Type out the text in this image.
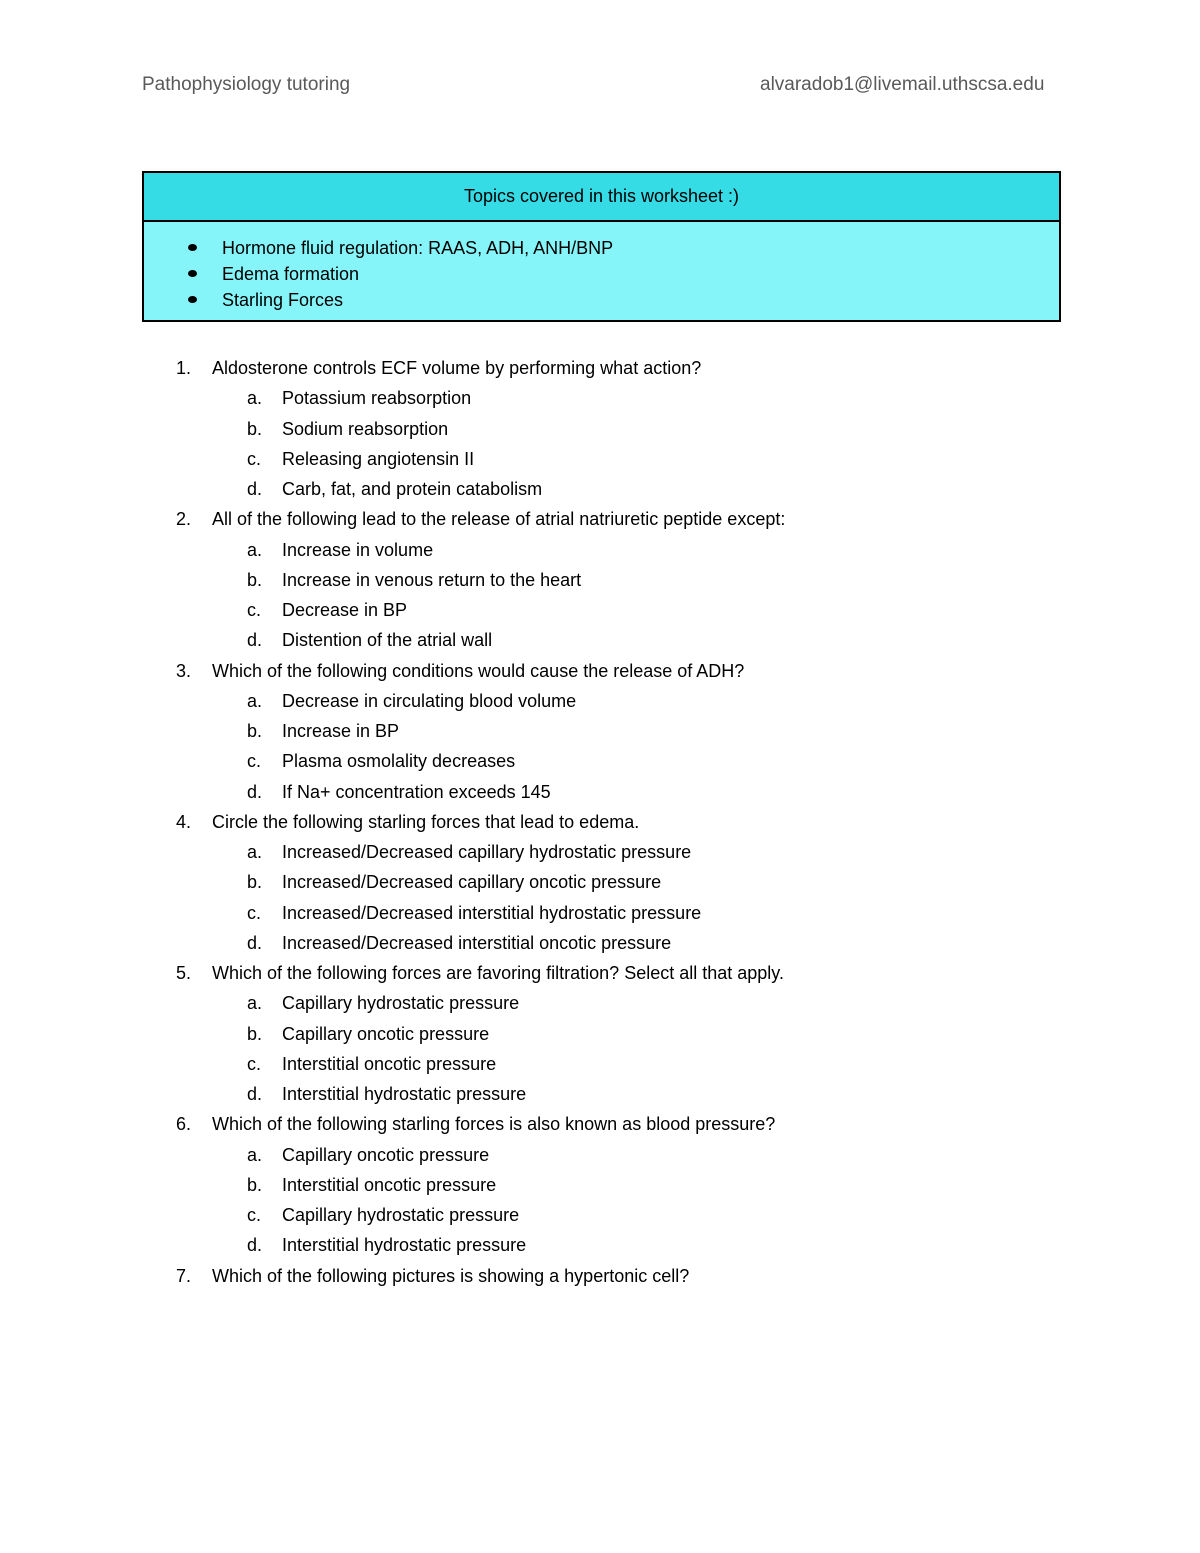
Pathophysiology tutoring	alvaradob1@livemail.uthscsa.edu
Topics covered in this worksheet :)
Hormone fluid regulation: RAAS, ADH, ANH/BNP
Edema formation
Starling Forces
1. Aldosterone controls ECF volume by performing what action?
a. Potassium reabsorption
b. Sodium reabsorption
c. Releasing angiotensin II
d. Carb, fat, and protein catabolism
2. All of the following lead to the release of atrial natriuretic peptide except:
a. Increase in volume
b. Increase in venous return to the heart
c. Decrease in BP
d. Distention of the atrial wall
3. Which of the following conditions would cause the release of ADH?
a. Decrease in circulating blood volume
b. Increase in BP
c. Plasma osmolality decreases
d. If Na+ concentration exceeds 145
4. Circle the following starling forces that lead to edema.
a. Increased/Decreased capillary hydrostatic pressure
b. Increased/Decreased capillary oncotic pressure
c. Increased/Decreased interstitial hydrostatic pressure
d. Increased/Decreased interstitial oncotic pressure
5. Which of the following forces are favoring filtration? Select all that apply.
a. Capillary hydrostatic pressure
b. Capillary oncotic pressure
c. Interstitial oncotic pressure
d. Interstitial hydrostatic pressure
6. Which of the following starling forces is also known as blood pressure?
a. Capillary oncotic pressure
b. Interstitial oncotic pressure
c. Capillary hydrostatic pressure
d. Interstitial hydrostatic pressure
7. Which of the following pictures is showing a hypertonic cell?
